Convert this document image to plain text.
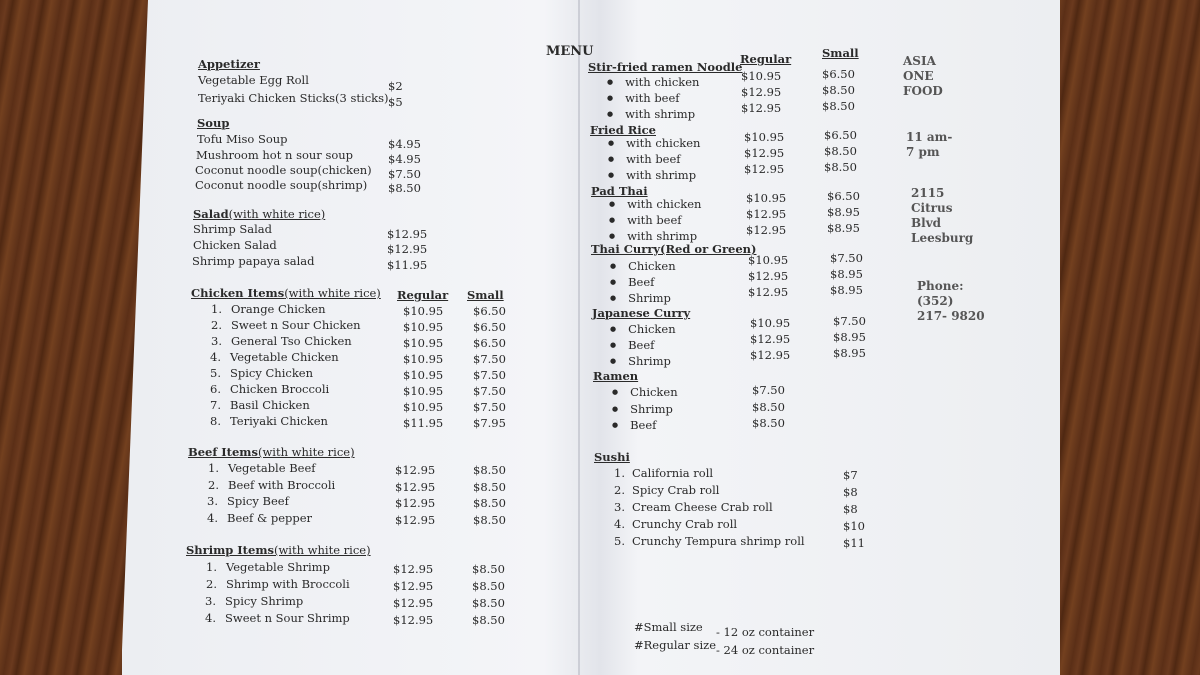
Appetizer
Vegetable Egg Roll	$2
Teriyaki Chicken Sticks(3 sticks) $5
Soup
Tofu Miso Soup	$4.95
Mushroom hot n sour soup	$4.95
Coconut noodle soup(chicken) $7.50
Coconut noodle soup(shrimp) $8.50
Salad(with white rice)
Shrimp Salad	$12.95
Chicken Salad	$12.95
Shrimp papaya salad	$11.95
Chicken Items(with white rice) Regular Small
Beef Items(with white rice)
Shrimp Items(with white rice)
MENU
Stir-fried ramen Noodle
Regular	Small
Fried Rice
Pad Thai
Thai Curry(Red or Green)
Japanese Curry
Ramen
Sushi
#Small size - 12 oz container
#Regular size - 24 oz container
ASIA
ONE
FOOD
11 am-
7 pm
2115
Citrus
Blvd
Leesburg
Phone:
(352)
217- 9820
1. Orange Chicken	$10.95	$6.50
2. Sweet n Sour Chicken	$10.95	$6.50
3. General Tso Chicken	$10.95	$6.50
4. Vegetable Chicken	$10.95	$7.50
5. Spicy Chicken	$10.95	$7.50
6. Chicken Broccoli	$10.95	$7.50
7. Basil Chicken	$10.95	$7.50
8. Teriyaki Chicken	$11.95	$7.95
1. Vegetable Beef	$12.95	$8.50
2. Beef with Broccoli	$12.95	$8.50
3. Spicy Beef	$12.95	$8.50
4. Beef & pepper	$12.95	$8.50
1. Vegetable Shrimp	$12.95	$8.50
2. Shrimp with Broccoli	$12.95	$8.50
3. Spicy Shrimp	$12.95	$8.50
4. Sweet n Sour Shrimp	$12.95	$8.50
● with chicken	$10.95	$6.50
● with beef	$12.95	$8.50
● with shrimp	$12.95	$8.50
● with chicken	$10.95	$6.50
● with beef	$12.95	$8.50
● with shrimp	$12.95	$8.50
● with chicken	$10.95	$6.50
● with beef	$12.95	$8.95
● with shrimp	$12.95	$8.95
● Chicken	$10.95	$7.50
● Beef	$12.95	$8.95
● Shrimp	$12.95	$8.95
● Chicken	$10.95	$7.50
● Beef	$12.95	$8.95
● Shrimp	$12.95	$8.95
● Chicken	$7.50
● Shrimp	$8.50
● Beef	$8.50
1. California roll	$7
2. Spicy Crab roll	$8
3. Cream Cheese Crab roll	$8
4. Crunchy Crab roll	$10
5. Crunchy Tempura shrimp roll	$11
